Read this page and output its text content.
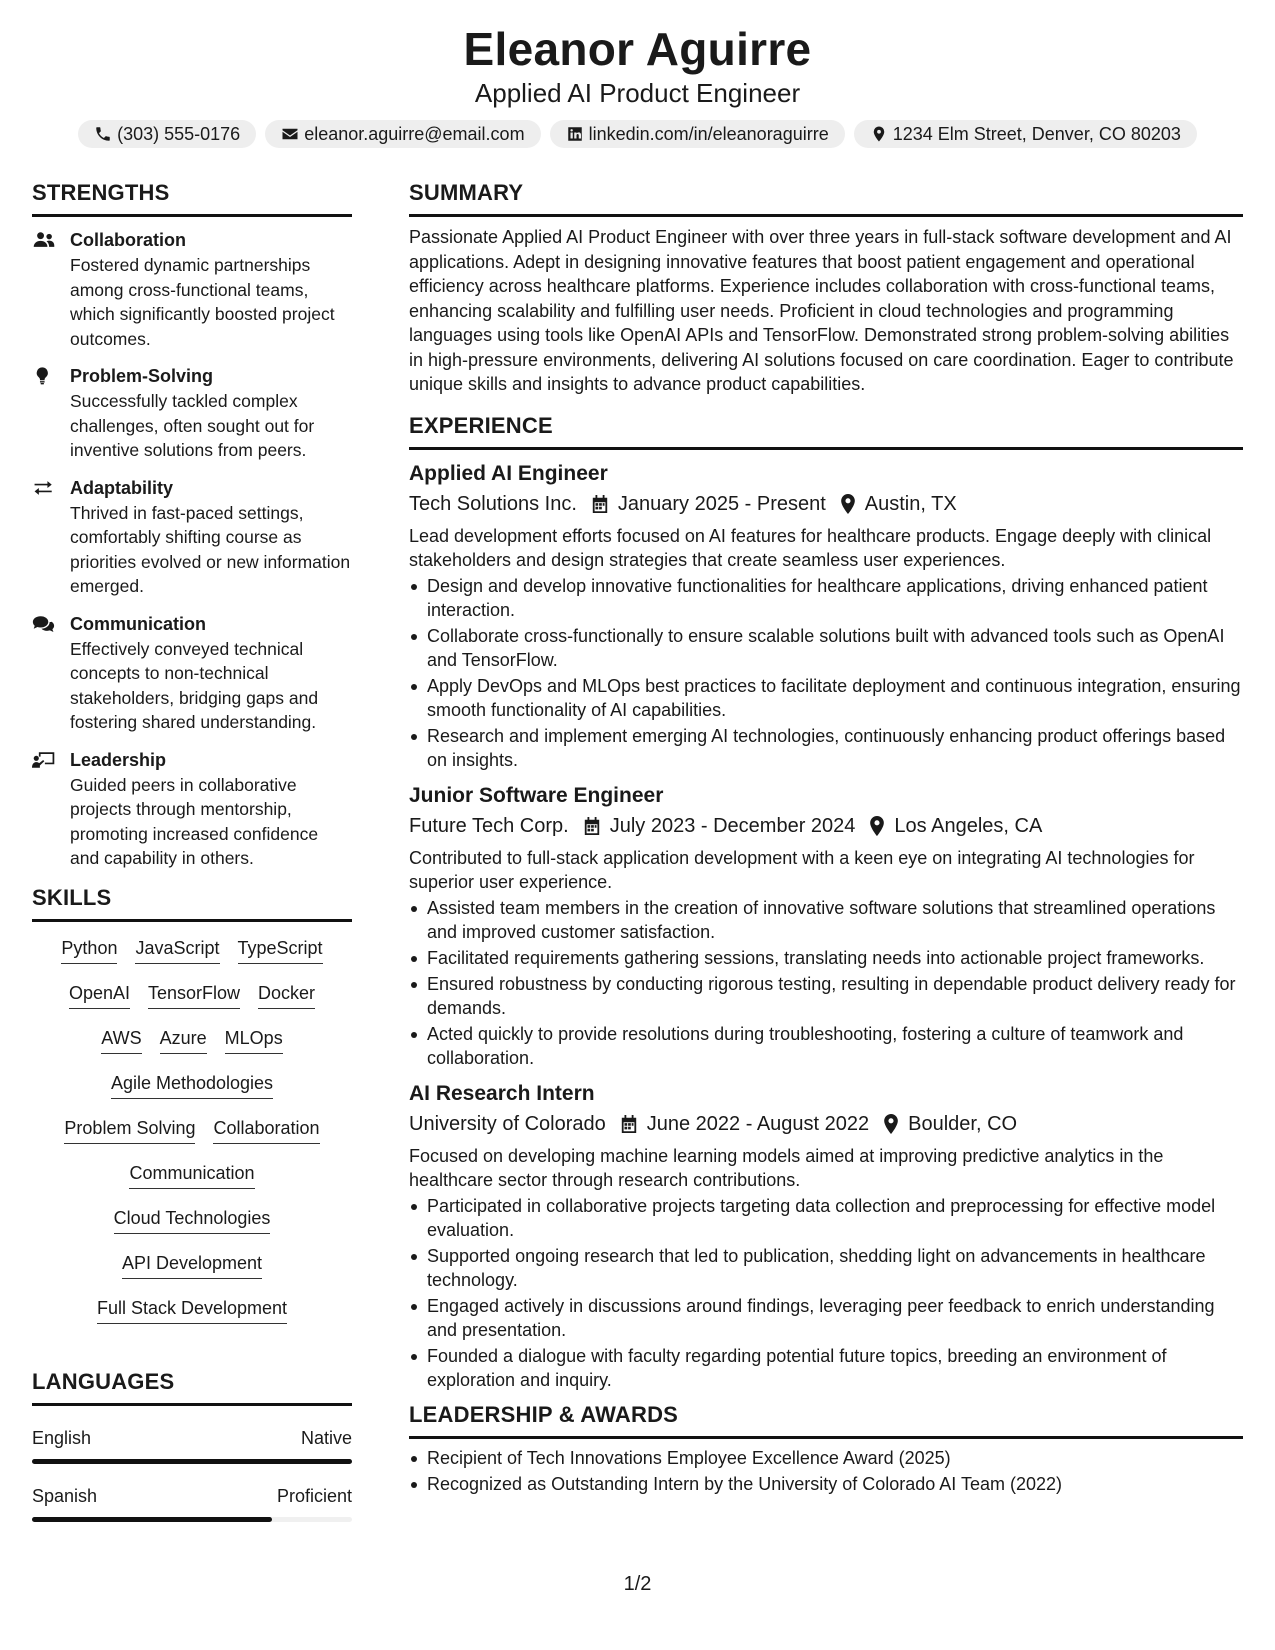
Eleanor Aguirre
Applied AI Product Engineer
(303) 555-0176	eleanor.aguirre@email.com	linkedin.com/in/eleanoraguirre	1234 Elm Street, Denver, CO 80203
STRENGTHS
Collaboration
Fostered dynamic partnerships among cross-functional teams, which significantly boosted project outcomes.
Problem-Solving
Successfully tackled complex challenges, often sought out for inventive solutions from peers.
Adaptability
Thrived in fast-paced settings, comfortably shifting course as priorities evolved or new information emerged.
Communication
Effectively conveyed technical concepts to non-technical stakeholders, bridging gaps and fostering shared understanding.
Leadership
Guided peers in collaborative projects through mentorship, promoting increased confidence and capability in others.
SKILLS
Python JavaScript TypeScript
OpenAI TensorFlow Docker
AWS Azure MLOps
Agile Methodologies
Problem Solving Collaboration
Communication
Cloud Technologies
API Development
Full Stack Development
LANGUAGES
English	Native
Spanish	Proficient
SUMMARY
Passionate Applied AI Product Engineer with over three years in full-stack software development and AI applications. Adept in designing innovative features that boost patient engagement and operational efficiency across healthcare platforms. Experience includes collaboration with cross-functional teams, enhancing scalability and fulfilling user needs. Proficient in cloud technologies and programming languages using tools like OpenAI APIs and TensorFlow. Demonstrated strong problem-solving abilities in high-pressure environments, delivering AI solutions focused on care coordination. Eager to contribute unique skills and insights to advance product capabilities.
EXPERIENCE
Applied AI Engineer
Tech Solutions Inc. January 2025 - Present Austin, TX
Lead development efforts focused on AI features for healthcare products. Engage deeply with clinical stakeholders and design strategies that create seamless user experiences.
Design and develop innovative functionalities for healthcare applications, driving enhanced patient interaction.
Collaborate cross-functionally to ensure scalable solutions built with advanced tools such as OpenAI and TensorFlow.
Apply DevOps and MLOps best practices to facilitate deployment and continuous integration, ensuring smooth functionality of AI capabilities.
Research and implement emerging AI technologies, continuously enhancing product offerings based on insights.
Junior Software Engineer
Future Tech Corp. July 2023 - December 2024 Los Angeles, CA
Contributed to full-stack application development with a keen eye on integrating AI technologies for superior user experience.
Assisted team members in the creation of innovative software solutions that streamlined operations and improved customer satisfaction.
Facilitated requirements gathering sessions, translating needs into actionable project frameworks.
Ensured robustness by conducting rigorous testing, resulting in dependable product delivery ready for demands.
Acted quickly to provide resolutions during troubleshooting, fostering a culture of teamwork and collaboration.
AI Research Intern
University of Colorado June 2022 - August 2022 Boulder, CO
Focused on developing machine learning models aimed at improving predictive analytics in the healthcare sector through research contributions.
Participated in collaborative projects targeting data collection and preprocessing for effective model evaluation.
Supported ongoing research that led to publication, shedding light on advancements in healthcare technology.
Engaged actively in discussions around findings, leveraging peer feedback to enrich understanding and presentation.
Founded a dialogue with faculty regarding potential future topics, breeding an environment of exploration and inquiry.
LEADERSHIP & AWARDS
Recipient of Tech Innovations Employee Excellence Award (2025)
Recognized as Outstanding Intern by the University of Colorado AI Team (2022)
1/2
